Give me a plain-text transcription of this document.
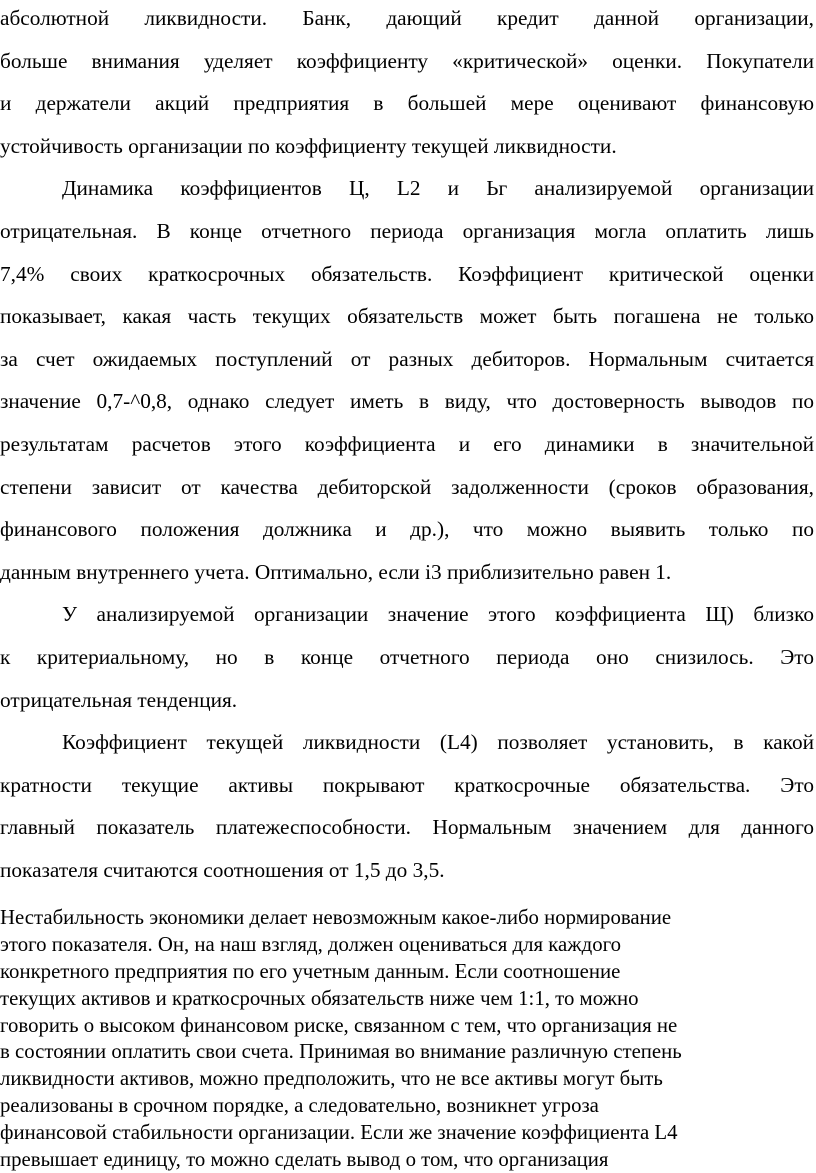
абсолютной ликвидности. Банк, дающий кредит данной организации,
больше внимания уделяет коэффициенту «критической» оценки. Покупатели
и держатели акций предприятия в большей мере оценивают финансовую
устойчивость организации по коэффициенту текущей ликвидности.
Динамика коэффициентов Ц, L2 и Ьг анализируемой организации
отрицательная. В конце отчетного периода организация могла оплатить лишь
7,4% своих краткосрочных обязательств. Коэффициент критической оценки
показывает, какая часть текущих обязательств может быть погашена не только
за счет ожидаемых поступлений от разных дебиторов. Нормальным считается
значение 0,7-^0,8, однако следует иметь в виду, что достоверность выводов по
результатам расчетов этого коэффициента и его динамики в значительной
степени зависит от качества дебиторской задолженности (сроков образования,
финансового положения должника и др.), что можно выявить только по
данным внутреннего учета. Оптимально, если i3 приблизительно равен 1.
У анализируемой организации значение этого коэффициента Щ) близко
к критериальному, но в конце отчетного периода оно снизилось. Это
отрицательная тенденция.
Коэффициент текущей ликвидности (L4) позволяет установить, в какой
кратности текущие активы покрывают краткосрочные обязательства. Это
главный показатель платежеспособности. Нормальным значением для данного
показателя считаются соотношения от 1,5 до 3,5.
Нестабильность экономики делает невозможным какое-либо нормирование
этого показателя. Он, на наш взгляд, должен оцениваться для каждого
конкретного предприятия по его учетным данным. Если соотношение
текущих активов и краткосрочных обязательств ниже чем 1:1, то можно
говорить о высоком финансовом риске, связанном с тем, что организация не
в состоянии оплатить свои счета. Принимая во внимание различную степень
ликвидности активов, можно предположить, что не все активы могут быть
реализованы в срочном порядке, а следовательно, возникнет угроза
финансовой стабильности организации. Если же значение коэффициента L4
превышает единицу, то можно сделать вывод о том, что организация
